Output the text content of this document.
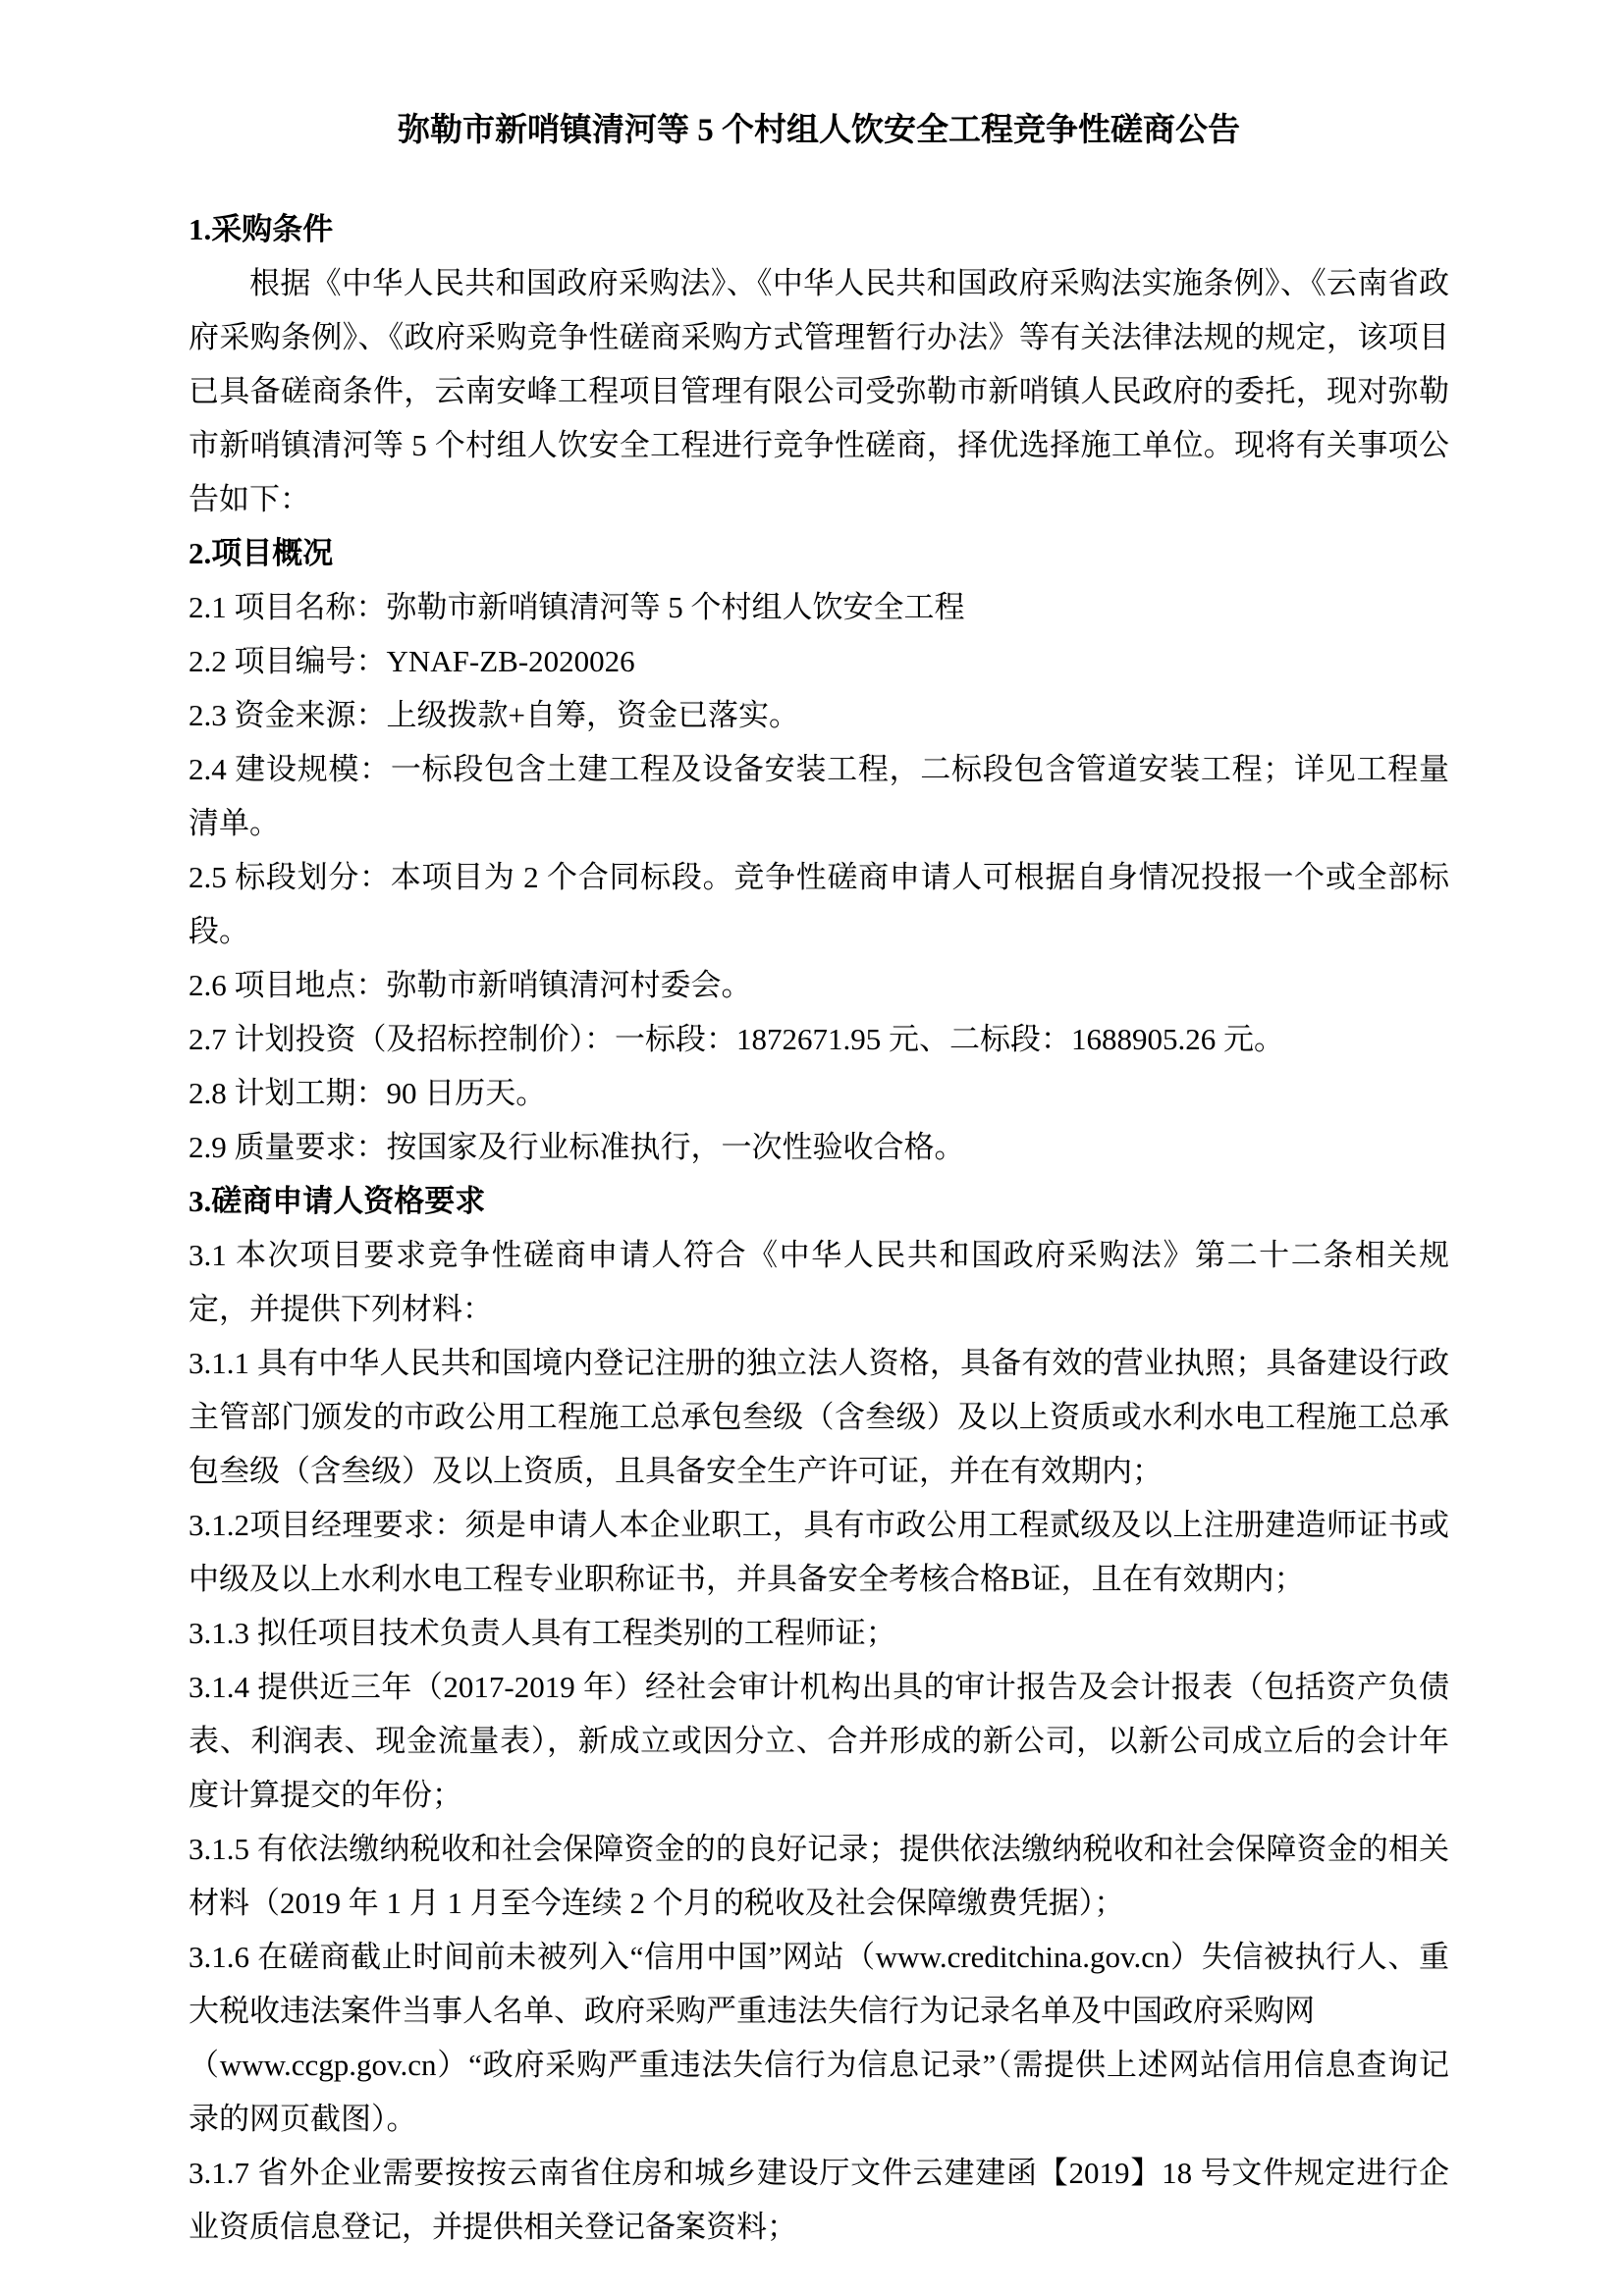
弥勒市新哨镇清河等 5 个村组人饮安全工程竞争性磋商公告

1.采购条件

根据《中华人民共和国政府采购法》、《中华人民共和国政府采购法实施条例》、《云南省政府采购条例》、《政府采购竞争性磋商采购方式管理暂行办法》等有关法律法规的规定，该项目已具备磋商条件，云南安峰工程项目管理有限公司受弥勒市新哨镇人民政府的委托，现对弥勒市新哨镇清河等 5 个村组人饮安全工程进行竞争性磋商，择优选择施工单位。现将有关事项公告如下：

2.项目概况

2.1 项目名称：弥勒市新哨镇清河等 5 个村组人饮安全工程

2.2 项目编号：YNAF-ZB-2020026

2.3 资金来源：上级拨款+自筹，资金已落实。

2.4 建设规模：一标段包含土建工程及设备安装工程，二标段包含管道安装工程；详见工程量清单。

2.5 标段划分：本项目为 2 个合同标段。竞争性磋商申请人可根据自身情况投报一个或全部标段。

2.6 项目地点：弥勒市新哨镇清河村委会。

2.7 计划投资（及招标控制价）：一标段：1872671.95 元、二标段：1688905.26 元。

2.8 计划工期：90 日历天。

2.9 质量要求：按国家及行业标准执行，一次性验收合格。

3.磋商申请人资格要求

3.1 本次项目要求竞争性磋商申请人符合《中华人民共和国政府采购法》第二十二条相关规定，并提供下列材料：

3.1.1 具有中华人民共和国境内登记注册的独立法人资格，具备有效的营业执照；具备建设行政主管部门颁发的市政公用工程施工总承包叁级（含叁级）及以上资质或水利水电工程施工总承包叁级（含叁级）及以上资质，且具备安全生产许可证，并在有效期内；

3.1.2项目经理要求：须是申请人本企业职工，具有市政公用工程贰级及以上注册建造师证书或中级及以上水利水电工程专业职称证书，并具备安全考核合格B证，且在有效期内；

3.1.3 拟任项目技术负责人具有工程类别的工程师证；

3.1.4 提供近三年（2017-2019 年）经社会审计机构出具的审计报告及会计报表（包括资产负债表、利润表、现金流量表），新成立或因分立、合并形成的新公司，以新公司成立后的会计年度计算提交的年份；

3.1.5 有依法缴纳税收和社会保障资金的的良好记录；提供依法缴纳税收和社会保障资金的相关材料（2019 年 1 月 1 月至今连续 2 个月的税收及社会保障缴费凭据）；

3.1.6 在磋商截止时间前未被列入“信用中国”网站（www.creditchina.gov.cn）失信被执行人、重大税收违法案件当事人名单、政府采购严重违法失信行为记录名单及中国政府采购网

（www.ccgp.gov.cn）“政府采购严重违法失信行为信息记录”（需提供上述网站信用信息查询记录的网页截图）。

3.1.7 省外企业需要按按云南省住房和城乡建设厅文件云建建函【2019】18 号文件规定进行企业资质信息登记，并提供相关登记备案资料；
